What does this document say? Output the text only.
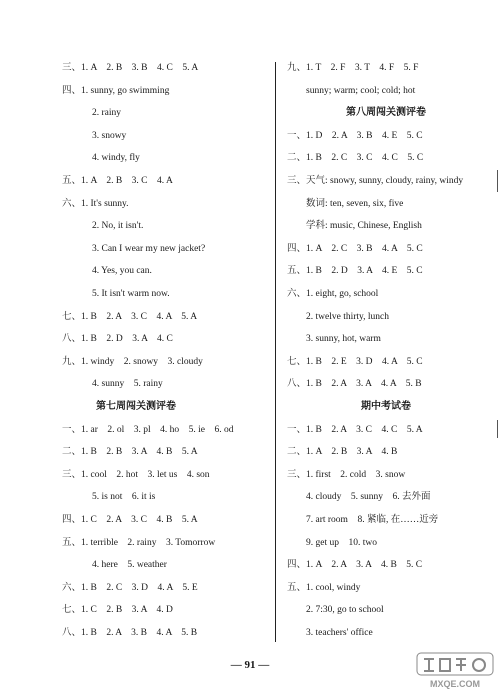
三、1. A　2. B　3. B　4. C　5. A
四、1. sunny, go swimming
2. rainy
3. snowy
4. windy, fly
五、1. A　2. B　3. C　4. A
六、1. It's sunny.
2. No, it isn't.
3. Can I wear my new jacket?
4. Yes, you can.
5. It isn't warm now.
七、1. B　2. A　3. C　4. A　5. A
八、1. B　2. D　3. A　4. C
九、1. windy　2. snowy　3. cloudy
4. sunny　5. rainy
第七周闯关测评卷
一、1. ar　2. ol　3. pl　4. ho　5. ie　6. od
二、1. B　2. B　3. A　4. B　5. A
三、1. cool　2. hot　3. let us　4. son
5. is not　6. it is
四、1. C　2. A　3. C　4. B　5. A
五、1. terrible　2. rainy　3. Tomorrow
4. here　5. weather
六、1. B　2. C　3. D　4. A　5. E
七、1. C　2. B　3. A　4. D
八、1. B　2. A　3. B　4. A　5. B
九、1. T　2. F　3. T　4. F　5. F
sunny; warm; cool; cold; hot
第八周闯关测评卷
一、1. D　2. A　3. B　4. E　5. C
二、1. B　2. C　3. C　4. C　5. C
三、天气: snowy, sunny, cloudy, rainy, windy
数词: ten, seven, six, five
学科: music, Chinese, English
四、1. A　2. C　3. B　4. A　5. C
五、1. B　2. D　3. A　4. E　5. C
六、1. eight, go, school
2. twelve thirty, lunch
3. sunny, hot, warm
七、1. B　2. E　3. D　4. A　5. C
八、1. B　2. A　3. A　4. A　5. B
期中考试卷
一、1. B　2. A　3. C　4. C　5. A
二、1. A　2. B　3. A　4. B
三、1. first　2. cold　3. snow
4. cloudy　5. sunny　6. 去外面
7. art room　8. 紧临, 在……近旁
9. get up　10. two
四、1. A　2. A　3. A　4. B　5. C
五、1. cool, windy
2. 7:30, go to school
3. teachers' office
— 91 —
MXQE.COM
